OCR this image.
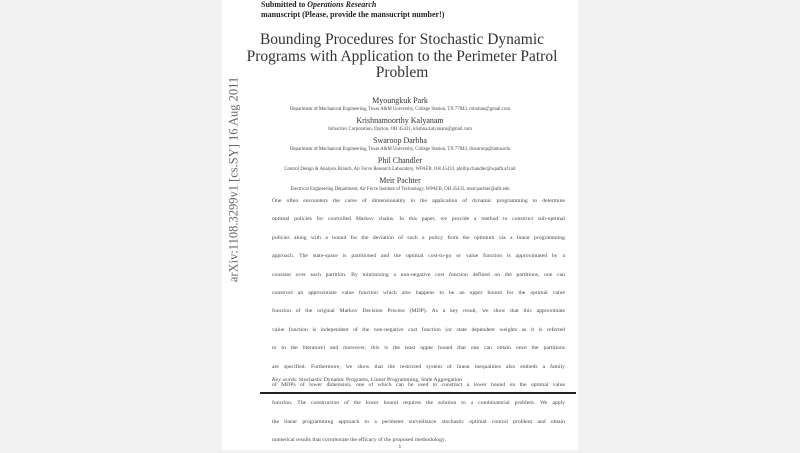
Submitted to Operations Research
manuscript (Please, provide the mansucript number!)
arXiv:1108.3299v1 [cs.SY] 16 Aug 2011
Bounding Procedures for Stochastic Dynamic Programs with Application to the Perimeter Patrol Problem
Myoungkuk Park
Department of Mechanical Engineering, Texas A&M University, College Station, TX 77843, robotian@gmail.com
Krishnamoorthy Kalyanam
Infoscitex Corporation, Dayton, OH 45431, krishna.kalyanam@gmail.com
Swaroop Darbha
Department of Mechanical Engineering, Texas A&M University, College Station, TX 77843, dswaroop@tamu.edu
Phil Chandler
Control Design & Analysis Branch, Air Force Research Laboratory, WPAFB, OH 45433, phillip.chandler@wpafb.af.mil
Meir Pachter
Electrical Engineering Department, Air Force Institute of Technology, WPAFB, OH 45433, meir.pachter@afit.edu
One often encounters the curse of dimensionality in the application of dynamic programming to determine
optimal policies for controlled Markov chains. In this paper, we provide a method to construct sub-optimal
policies along with a bound for the deviation of such a policy from the optimum via a linear programming
approach. The state-space is partitioned and the optimal cost-to-go or value function is approximated by a
constant over each partition. By minimizing a non-negative cost function defined on the partitions, one can
construct an approximate value function which also happens to be an upper bound for the optimal value
function of the original Markov Decision Process (MDP). As a key result, we show that this approximate
value function is independent of the non-negative cost function (or state dependent weights as it is referred
to in the literature) and moreover, this is the least upper bound that one can obtain once the partitions
are specified. Furthermore, we show that the restricted system of linear inequalities also embeds a family
of MDPs of lower dimension, one of which can be used to construct a lower bound on the optimal value
function. The construction of the lower bound requires the solution to a combinatorial problem. We apply
the linear programming approach to a perimeter surveillance stochastic optimal control problem and obtain
numerical results that corroborate the efficacy of the proposed methodology.
Key words: Stochastic Dynamic Programs, Linear Programming, State Aggregation
1
